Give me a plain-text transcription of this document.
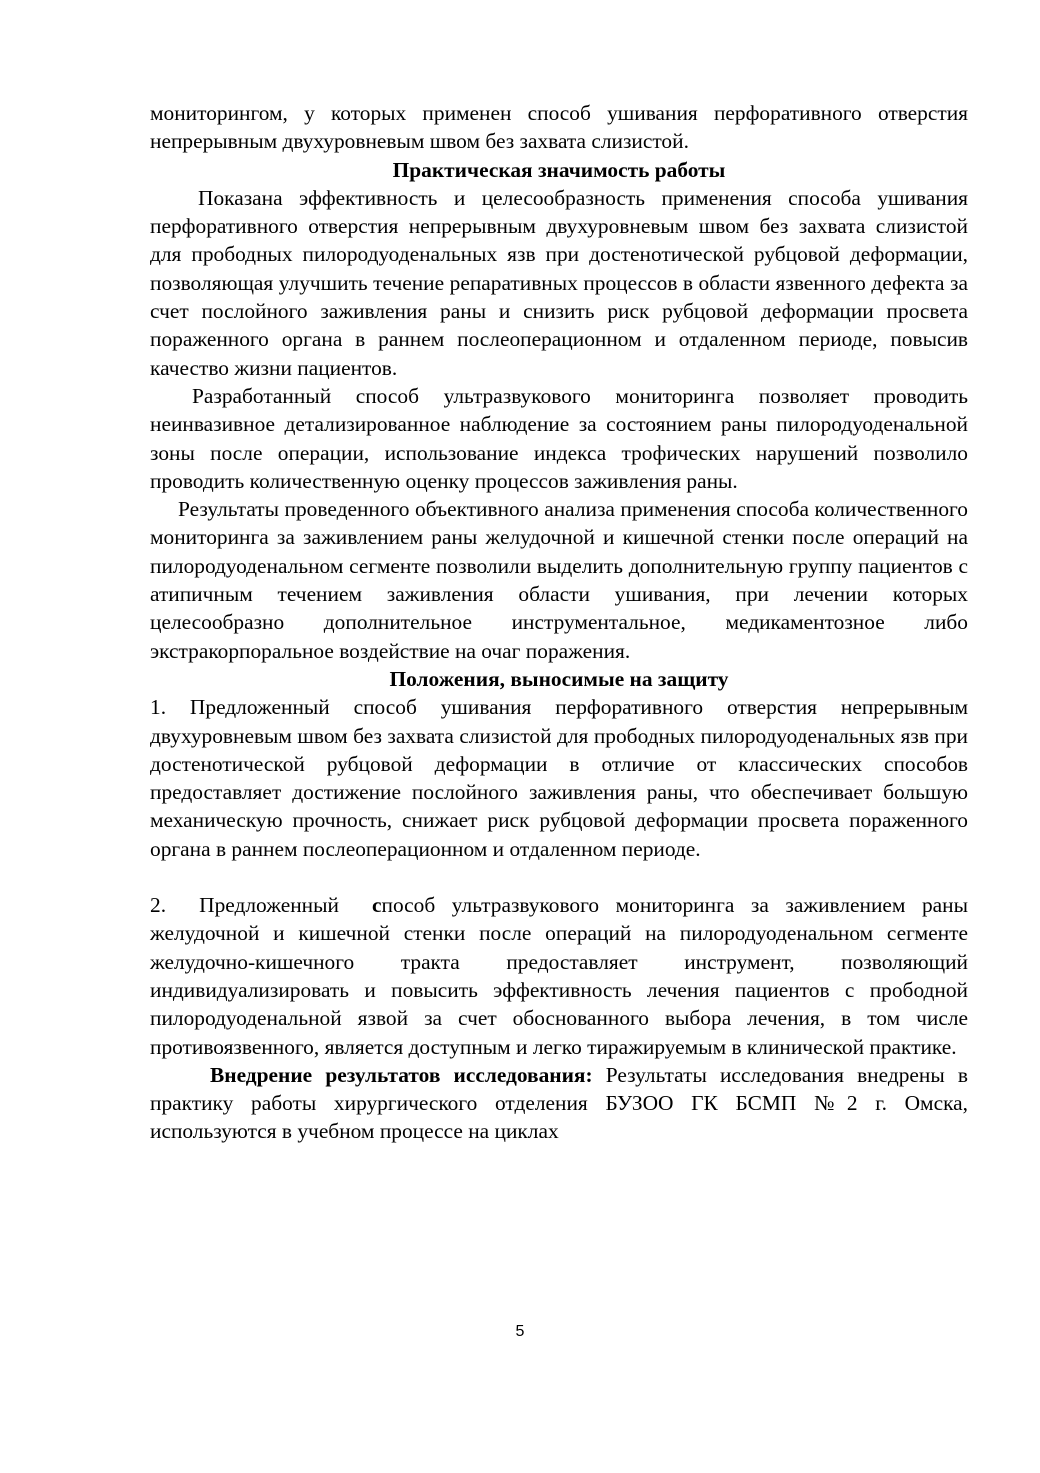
мониторингом, у которых применен способ ушивания перфоративного отверстия непрерывным двухуровневым швом без захвата слизистой.

Практическая значимость работы

Показана эффективность и целесообразность применения способа ушивания перфоративного отверстия непрерывным двухуровневым швом без захвата слизистой для прободных пилородуоденальных язв при достенотической рубцовой деформации, позволяющая улучшить течение репаративных процессов в области язвенного дефекта за счет послойного заживления раны и снизить риск рубцовой деформации просвета пораженного органа в раннем послеоперационном и отдаленном периоде, повысив качество жизни пациентов.

Разработанный способ ультразвукового мониторинга позволяет проводить неинвазивное детализированное наблюдение за состоянием раны пилородуоденальной зоны после операции, использование индекса трофических нарушений позволило проводить количественную оценку процессов заживления раны.

Результаты проведенного объективного анализа применения способа количественного мониторинга за заживлением раны желудочной и кишечной стенки после операций на пилородуоденальном сегменте позволили выделить дополнительную группу пациентов с атипичным течением заживления области ушивания, при лечении которых целесообразно дополнительное инструментальное, медикаментозное либо экстракорпоральное воздействие на очаг поражения.

Положения, выносимые на защиту

1. Предложенный способ ушивания перфоративного отверстия непрерывным двухуровневым швом без захвата слизистой для прободных пилородуоденальных язв при достенотической рубцовой деформации в отличие от классических способов предоставляет достижение послойного заживления раны, что обеспечивает большую механическую прочность, снижает риск рубцовой деформации просвета пораженного органа в раннем послеоперационном и отдаленном периоде.

2.  Предложенный  способ ультразвукового мониторинга за заживлением раны желудочной и кишечной стенки после операций на пилородуоденальном сегменте желудочно-кишечного тракта предоставляет инструмент, позволяющий индивидуализировать и повысить эффективность лечения пациентов с прободной пилородуоденальной язвой за счет обоснованного выбора лечения, в том числе противоязвенного, является доступным и легко тиражируемым в клинической практике.

Внедрение результатов исследования: Результаты исследования внедрены в практику работы хирургического отделения БУЗОО ГК БСМП №2 г. Омска, используются в учебном процессе на циклах

5
